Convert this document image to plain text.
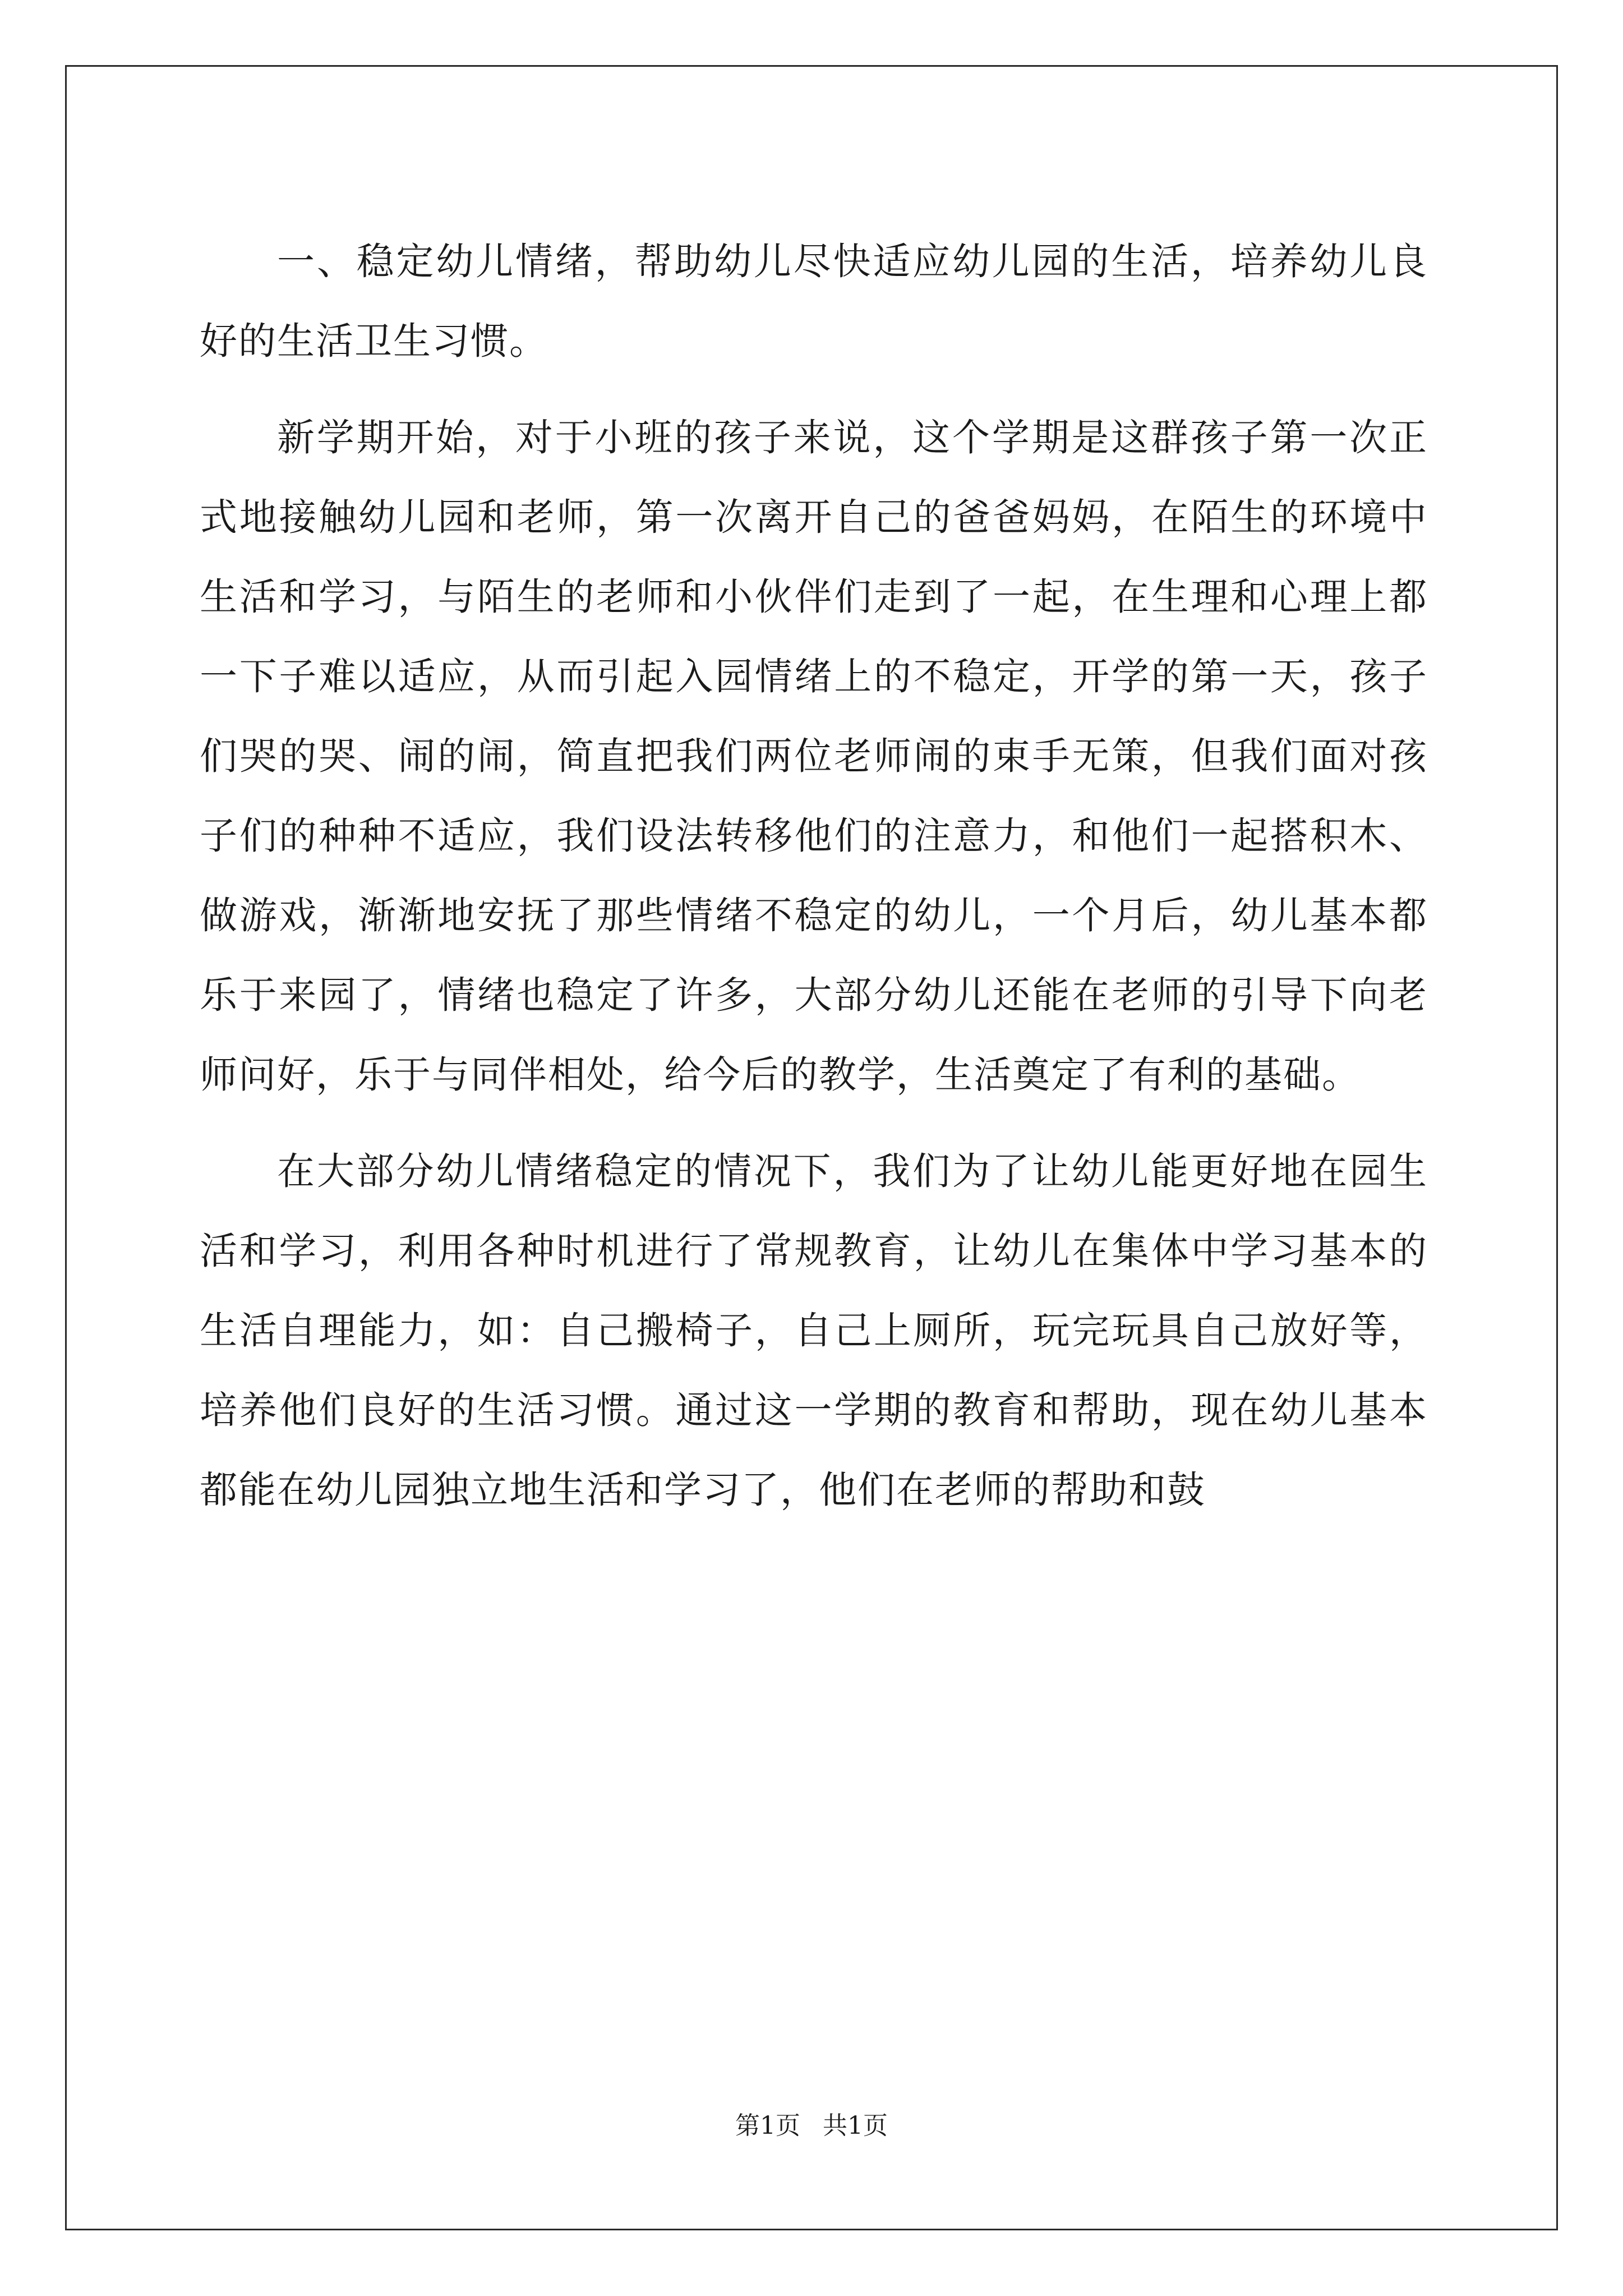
一、稳定幼儿情绪，帮助幼儿尽快适应幼儿园的生活，培养幼儿良好的生活卫生习惯。

新学期开始，对于小班的孩子来说，这个学期是这群孩子第一次正式地接触幼儿园和老师，第一次离开自己的爸爸妈妈，在陌生的环境中生活和学习，与陌生的老师和小伙伴们走到了一起，在生理和心理上都一下子难以适应，从而引起入园情绪上的不稳定，开学的第一天，孩子们哭的哭、闹的闹，简直把我们两位老师闹的束手无策，但我们面对孩子们的种种不适应，我们设法转移他们的注意力，和他们一起搭积木、做游戏，渐渐地安抚了那些情绪不稳定的幼儿，一个月后，幼儿基本都乐于来园了，情绪也稳定了许多，大部分幼儿还能在老师的引导下向老师问好，乐于与同伴相处，给今后的教学，生活奠定了有利的基础。

在大部分幼儿情绪稳定的情况下，我们为了让幼儿能更好地在园生活和学习，利用各种时机进行了常规教育，让幼儿在集体中学习基本的生活自理能力，如：自己搬椅子，自己上厕所，玩完玩具自己放好等，培养他们良好的生活习惯。通过这一学期的教育和帮助，现在幼儿基本都能在幼儿园独立地生活和学习了，他们在老师的帮助和鼓

第1页 共1页
